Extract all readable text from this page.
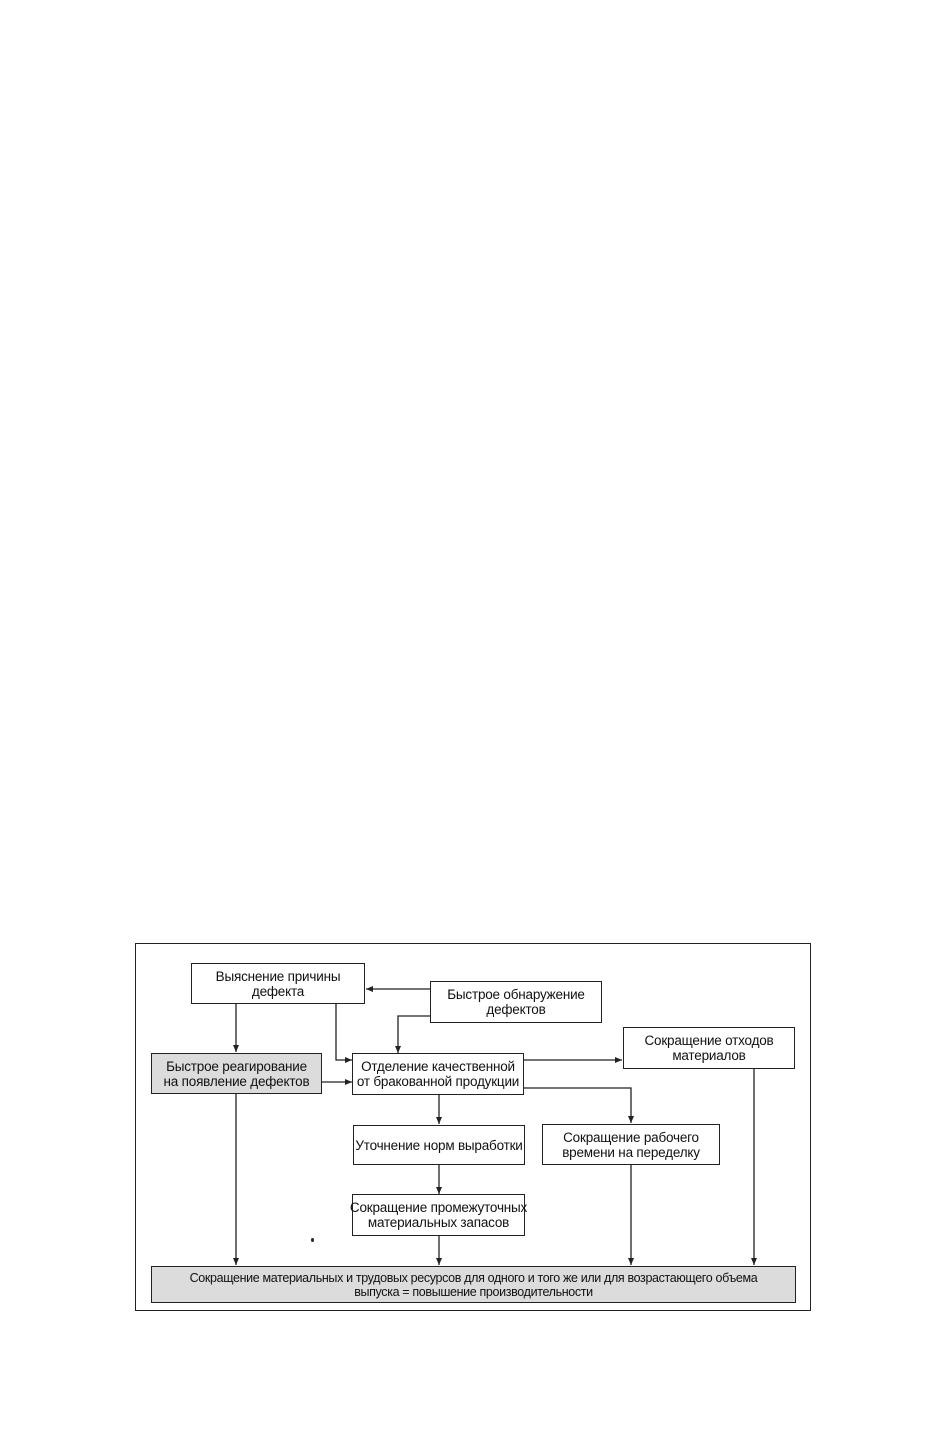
Выяснение причины
дефекта	Быстрое обнаружение
дефектов
Быстрое реагирование
на появление дефектов
Отделение качественной
от бракованной продукции
Сокращение отходов
материалов
Уточнение норм выработки
Сокращение рабочего
времени на переделку
Сокращение промежуточных
материальных запасов
Сокращение материальных и трудовых ресурсов для одного и того же или для возрастающего объема
выпуска = повышение производительности
